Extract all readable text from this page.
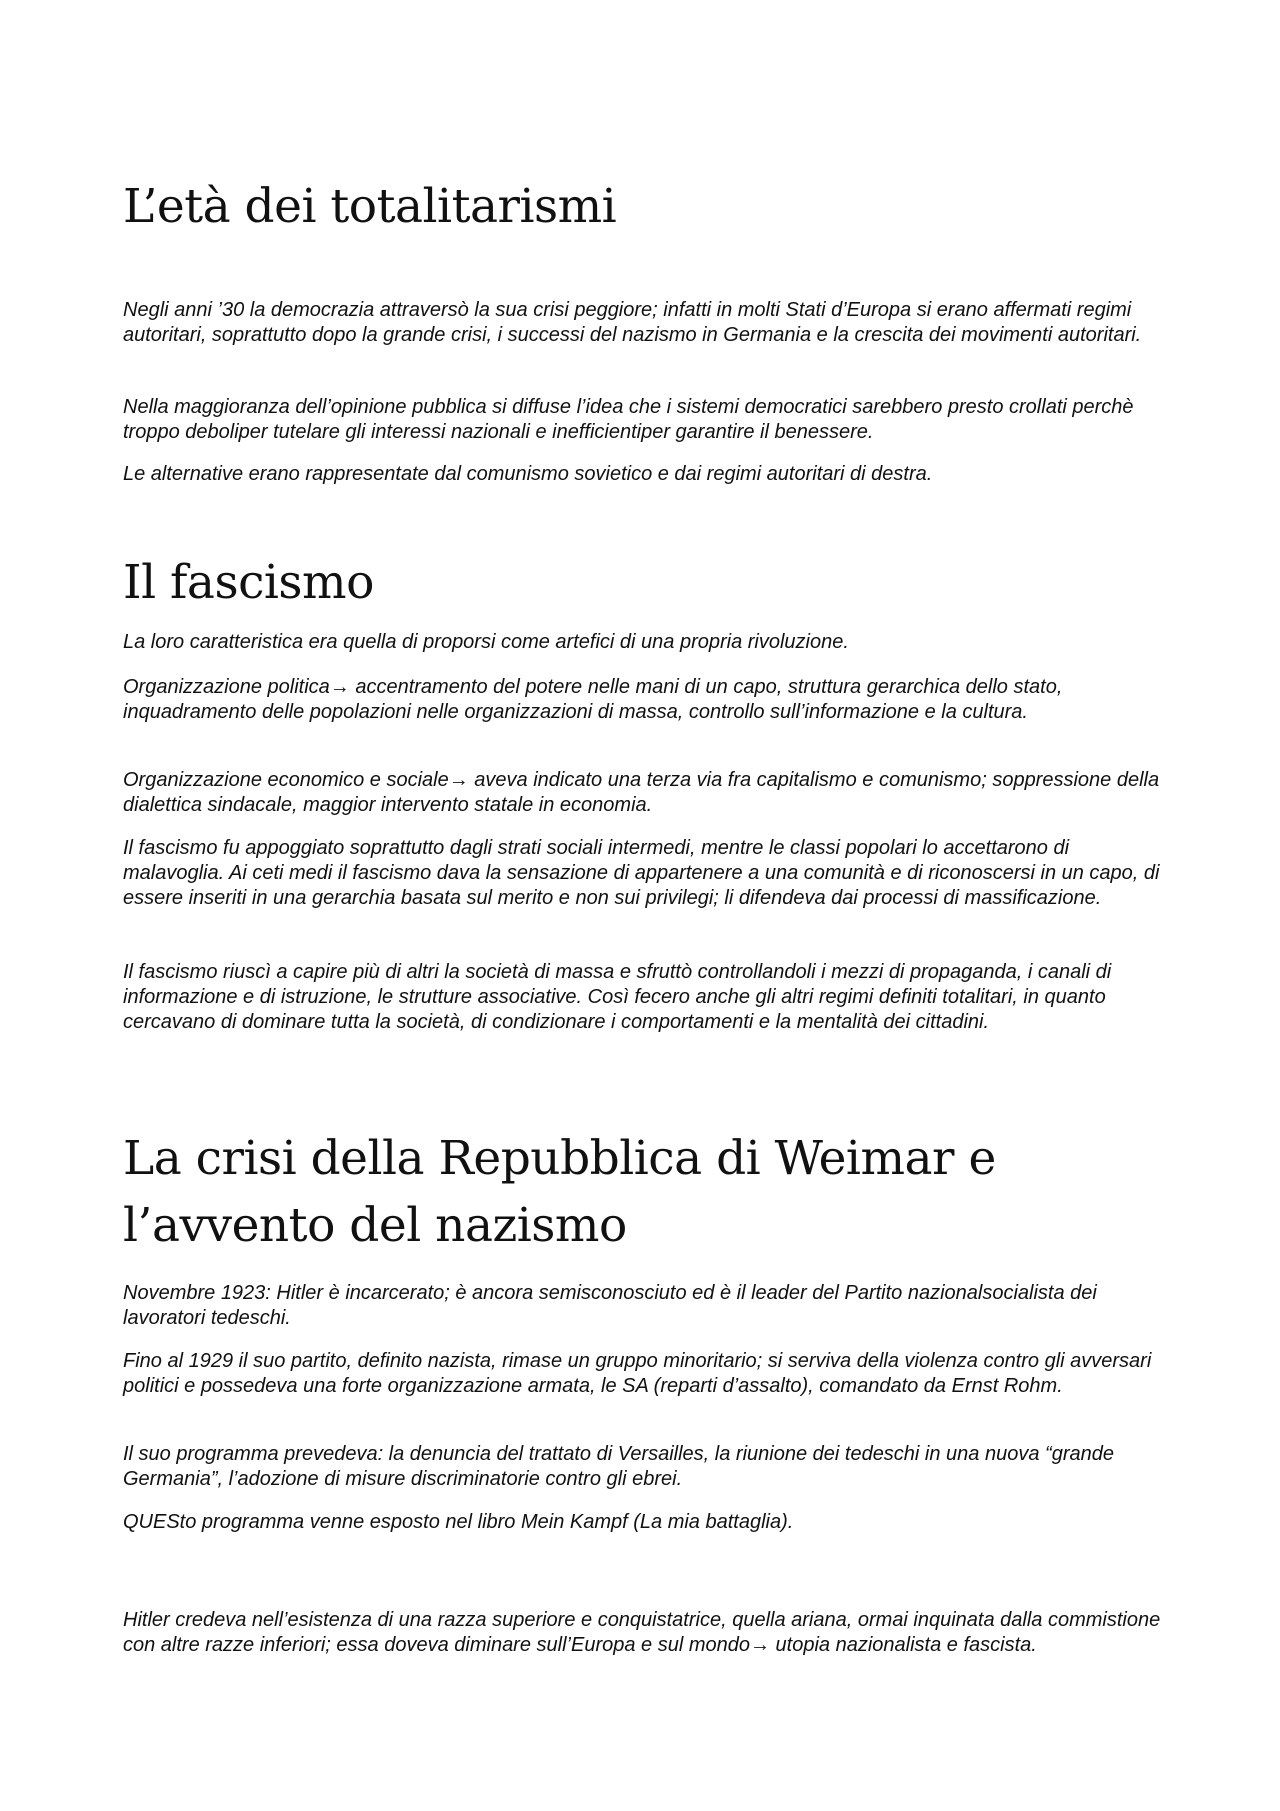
L’età dei totalitarismi

Negli anni ’30 la democrazia attraversò la sua crisi peggiore; infatti in molti Stati d’Europa si erano affermati regimi autoritari, soprattutto dopo la grande crisi, i successi del nazismo in Germania e la crescita dei movimenti autoritari.

Nella maggioranza dell’opinione pubblica si diffuse l’idea che i sistemi democratici sarebbero presto crollati perchè troppo deboliper tutelare gli interessi nazionali e inefficientiper garantire il benessere.

Le alternative erano rappresentate dal comunismo sovietico e dai regimi autoritari di destra.

Il fascismo

La loro caratteristica era quella di proporsi come artefici di una propria rivoluzione.

Organizzazione politica→ accentramento del potere nelle mani di un capo, struttura gerarchica dello stato, inquadramento delle popolazioni nelle organizzazioni di massa, controllo sull’informazione e la cultura.

Organizzazione economico e sociale→ aveva indicato una terza via fra capitalismo e comunismo; soppressione della dialettica sindacale, maggior intervento statale in economia.

Il fascismo fu appoggiato soprattutto dagli strati sociali intermedi, mentre le classi popolari lo accettarono di malavoglia. Ai ceti medi il fascismo dava la sensazione di appartenere a una comunità e di riconoscersi in un capo, di essere inseriti in una gerarchia basata sul merito e non sui privilegi; li difendeva dai processi di massificazione.

Il fascismo riuscì a capire più di altri la società di massa e sfruttò controllandoli i mezzi di propaganda, i canali di informazione e di istruzione, le strutture associative. Così fecero anche gli altri regimi definiti totalitari, in quanto cercavano di dominare tutta la società, di condizionare i comportamenti e la mentalità dei cittadini.

La crisi della Repubblica di Weimar e
l’avvento del nazismo

Novembre 1923: Hitler è incarcerato; è ancora semisconosciuto ed è il leader del Partito nazionalsocialista dei lavoratori tedeschi.

Fino al 1929 il suo partito, definito nazista, rimase un gruppo minoritario; si serviva della violenza contro gli avversari politici e possedeva una forte organizzazione armata, le SA (reparti d’assalto), comandato da Ernst Rohm.

Il suo programma prevedeva: la denuncia del trattato di Versailles, la riunione dei tedeschi in una nuova “grande Germania”, l’adozione di misure discriminatorie contro gli ebrei.

QUESto programma venne esposto nel libro Mein Kampf (La mia battaglia).

Hitler credeva nell’esistenza di una razza superiore e conquistatrice, quella ariana, ormai inquinata dalla commistione con altre razze inferiori; essa doveva diminare sull’Europa e sul mondo→ utopia nazionalista e fascista.
